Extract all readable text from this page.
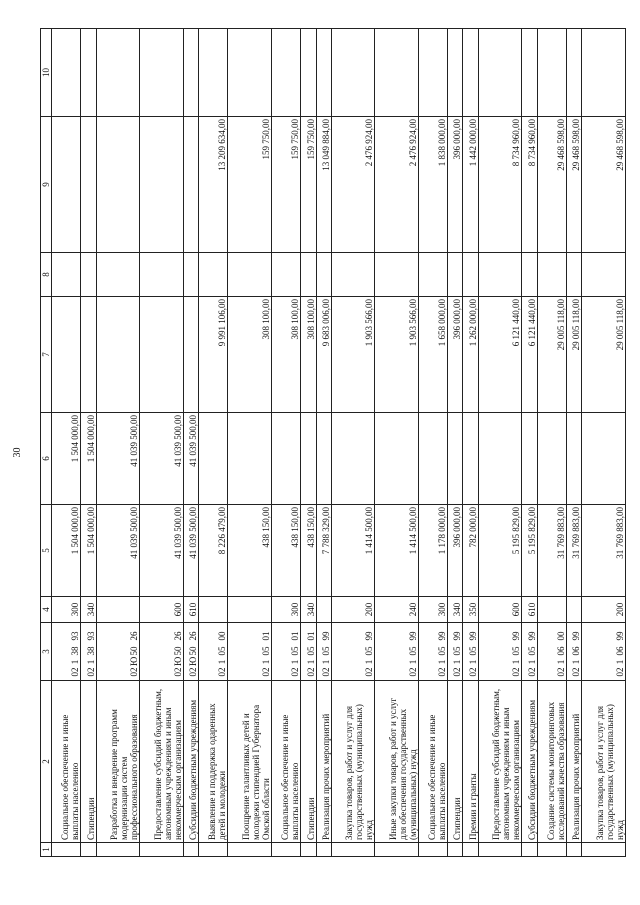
30
1	2	3	4	5	6	7	8	9	10
	Социальное обеспечение и иные выплаты населению	0213893	300	1 504 000,00	1 504 000,00				
	Стипендии	0213893	340	1 504 000,00	1 504 000,00				
	Разработка и внедрение программ модернизации систем профессионального образования	02Ю5026		41 039 500,00	41 039 500,00				
	Предоставление субсидий бюджетным, автономным учреждениям и иным некоммерческим организациям	02Ю5026	600	41 039 500,00	41 039 500,00				
	Субсидии бюджетным учреждениям	02Ю5026	610	41 039 500,00	41 039 500,00				
	Выявление и поддержка одаренных детей и молодежи	0210500		8 226 479,00		9 991 106,00		13 209 634,00	
	Поощрение талантливых детей и молодежи стипендией Губернатора Омской области	0210501		438 150,00		308 100,00		159 750,00	
	Социальное обеспечение и иные выплаты населению	0210501	300	438 150,00		308 100,00		159 750,00	
	Стипендии	0210501	340	438 150,00		308 100,00		159 750,00	
	Реализация прочих мероприятий	0210599		7 788 329,00		9 683 006,00		13 049 884,00	
	Закупка товаров, работ и услуг для государственных (муниципальных) нужд	0210599	200	1 414 500,00		1 903 566,00		2 476 924,00	
	Иные закупки товаров, работ и услуг для обеспечения государственных (муниципальных) нужд	0210599	240	1 414 500,00		1 903 566,00		2 476 924,00	
	Социальное обеспечение и иные выплаты населению	0210599	300	1 178 000,00		1 658 000,00		1 838 000,00	
	Стипендии	0210599	340	396 000,00		396 000,00		396 000,00	
	Премии и гранты	0210599	350	782 000,00		1 262 000,00		1 442 000,00	
	Предоставление субсидий бюджетным, автономным учреждениям и иным некоммерческим организациям	0210599	600	5 195 829,00		6 121 440,00		8 734 960,00	
	Субсидии бюджетным учреждениям	0210599	610	5 195 829,00		6 121 440,00		8 734 960,00	
	Создание системы мониторинговых исследований качества образования	0210600		31 769 883,00		29 005 118,00		29 468 598,00	
	Реализация прочих мероприятий	0210699		31 769 883,00		29 005 118,00		29 468 598,00	
	Закупка товаров, работ и услуг для государственных (муниципальных) нужд	0210699	200	31 769 883,00		29 005 118,00		29 468 598,00	
